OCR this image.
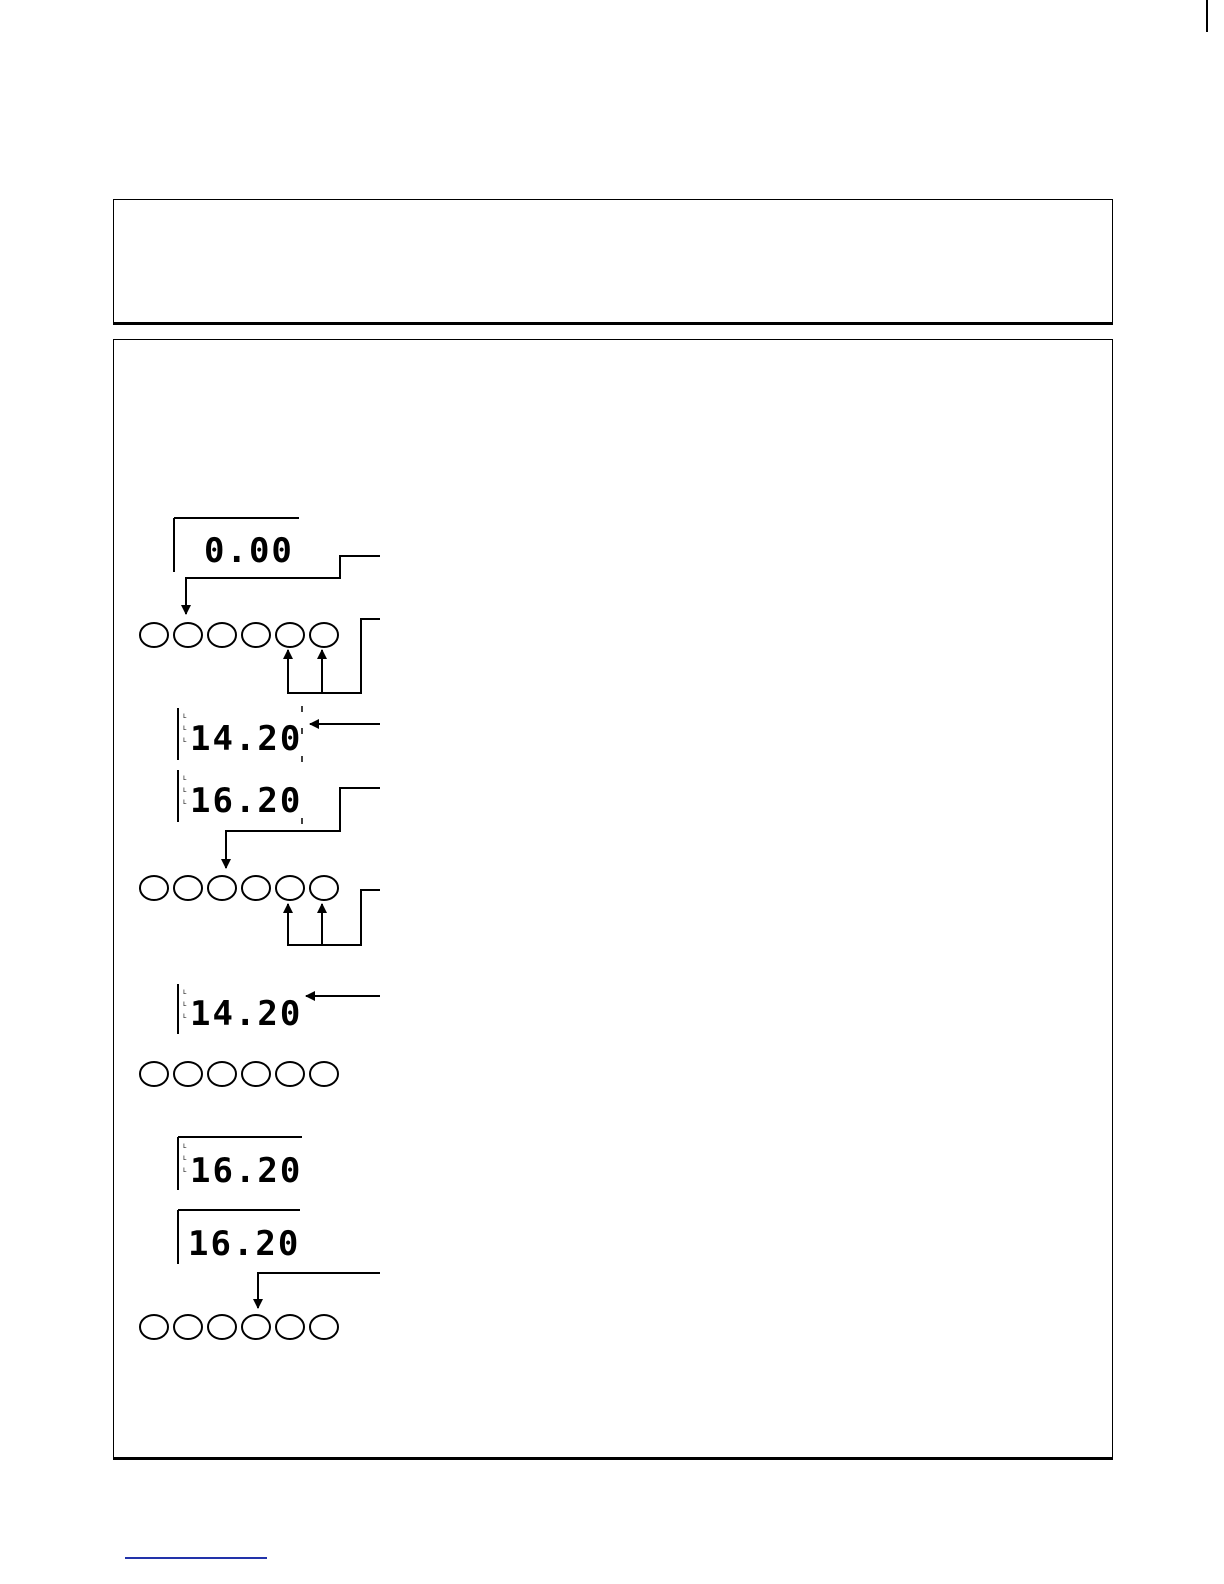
0.00
L
L
L 14.20
L
L
L 16.20
L
L
L 14.20
L
L
L 16.20
16.20
